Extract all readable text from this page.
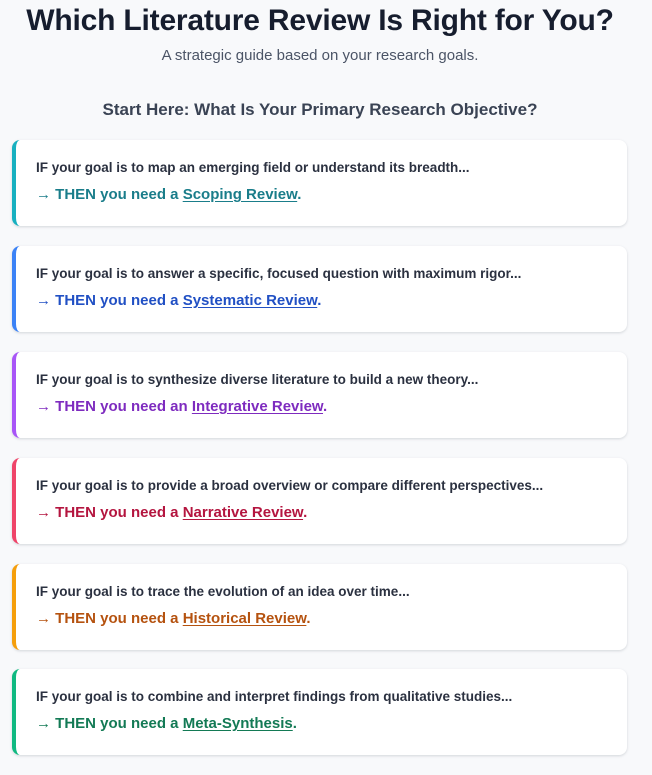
Which Literature Review Is Right for You?
A strategic guide based on your research goals.
Start Here: What Is Your Primary Research Objective?
IF your goal is to map an emerging field or understand its breadth...
→ THEN you need a Scoping Review.
IF your goal is to answer a specific, focused question with maximum rigor...
→ THEN you need a Systematic Review.
IF your goal is to synthesize diverse literature to build a new theory...
→ THEN you need an Integrative Review.
IF your goal is to provide a broad overview or compare different perspectives...
→ THEN you need a Narrative Review.
IF your goal is to trace the evolution of an idea over time...
→ THEN you need a Historical Review.
IF your goal is to combine and interpret findings from qualitative studies...
→ THEN you need a Meta-Synthesis.
